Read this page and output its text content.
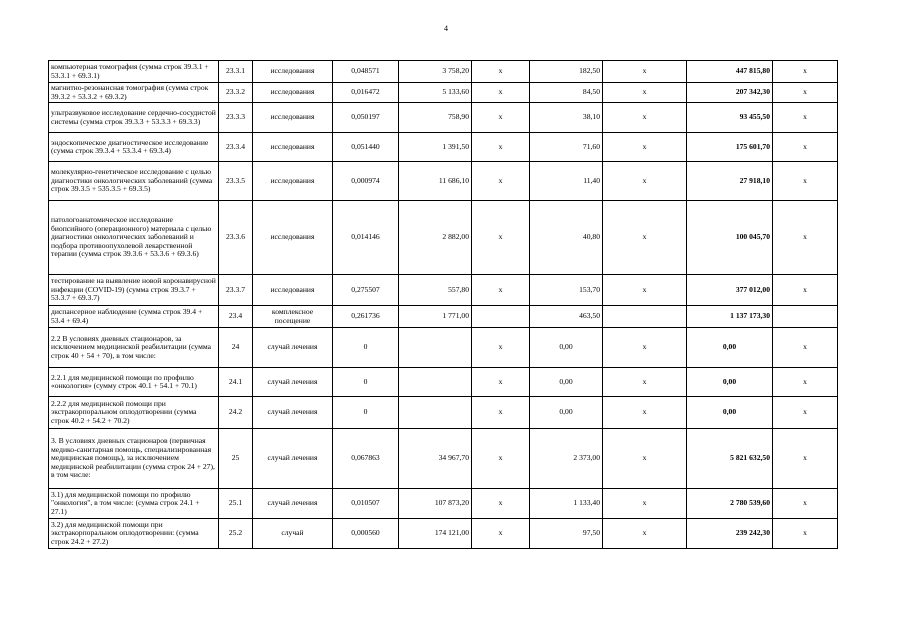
4
компьютерная томография (сумма строк 39.3.1 + 53.3.1 + 69.3.1)	23.3.1	исследования	0,048571	3 758,20	х	182,50	х	447 815,80	х
магнитно-резонансная томография (сумма строк 39.3.2 + 53.3.2 + 69.3.2)	23.3.2	исследования	0,016472	5 133,60	х	84,50	х	207 342,30	х
ультразвуковое исследование сердечно-сосудистой системы (сумма строк 39.3.3 + 53.3.3 + 69.3.3)	23.3.3	исследования	0,050197	758,90	х	38,10	х	93 455,50	х
эндоскопическое диагностическое исследование (сумма строк 39.3.4 + 53.3.4 + 69.3.4)	23.3.4	исследования	0,051440	1 391,50	х	71,60	х	175 601,70	х
молекулярно-генетическое исследование с целью диагностики онкологических заболеваний (сумма строк 39.3.5 + 535.3.5 + 69.3.5)	23.3.5	исследования	0,000974	11 686,10	х	11,40	х	27 918,10	х
патологоанатомическое исследование биопсийного (операционного) материала с целью диагностики онкологических заболеваний и подбора противоопухолевой лекарственной терапии (сумма строк 39.3.6 + 53.3.6 + 69.3.6)	23.3.6	исследования	0,014146	2 882,00	х	40,80	х	100 045,70	х
тестирование на выявление новой коронавирусной инфекции (COVID-19) (сумма строк 39.3.7 + 53.3.7 + 69.3.7)	23.3.7	исследования	0,275507	557,80	х	153,70	х	377 012,00	х
диспансерное наблюдение (сумма строк 39.4 + 53.4 + 69.4)	23.4	комплексное посещение	0,261736	1 771,00		463,50		1 137 173,30	
2.2 В условиях дневных стационаров, за исключением медицинской реабилитации (сумма строк 40 + 54 + 70), в том числе:	24	случай лечения	0		х	0,00	х	0,00	х
2.2.1 для медицинской помощи по профилю «онкология» (сумму строк 40.1 + 54.1 + 70.1)	24.1	случай лечения	0		х	0,00	х	0,00	х
2.2.2 для медицинской помощи при экстракорпоральном оплодотворении (сумма строк 40.2 + 54.2 + 70.2)	24.2	случай лечения	0		х	0,00	х	0,00	х
3. В условиях дневных стационаров (первичная медико-санитарная помощь, специализированная медицинская помощь), за исключением медицинской реабилитации (сумма строк 24 + 27), в том числе:	25	случай лечения	0,067863	34 967,70	х	2 373,00	х	5 821 632,50	х
3.1) для медицинской помощи по профилю "онкология", в том числе: (сумма строк 24.1 + 27.1)	25.1	случай лечения	0,010507	107 873,20	х	1 133,40	х	2 780 539,60	х
3.2) для медицинской помощи при экстракорпоральном оплодотворении: (сумма строк 24.2 + 27.2)	25.2	случай	0,000560	174 121,00	х	97,50	х	239 242,30	х
